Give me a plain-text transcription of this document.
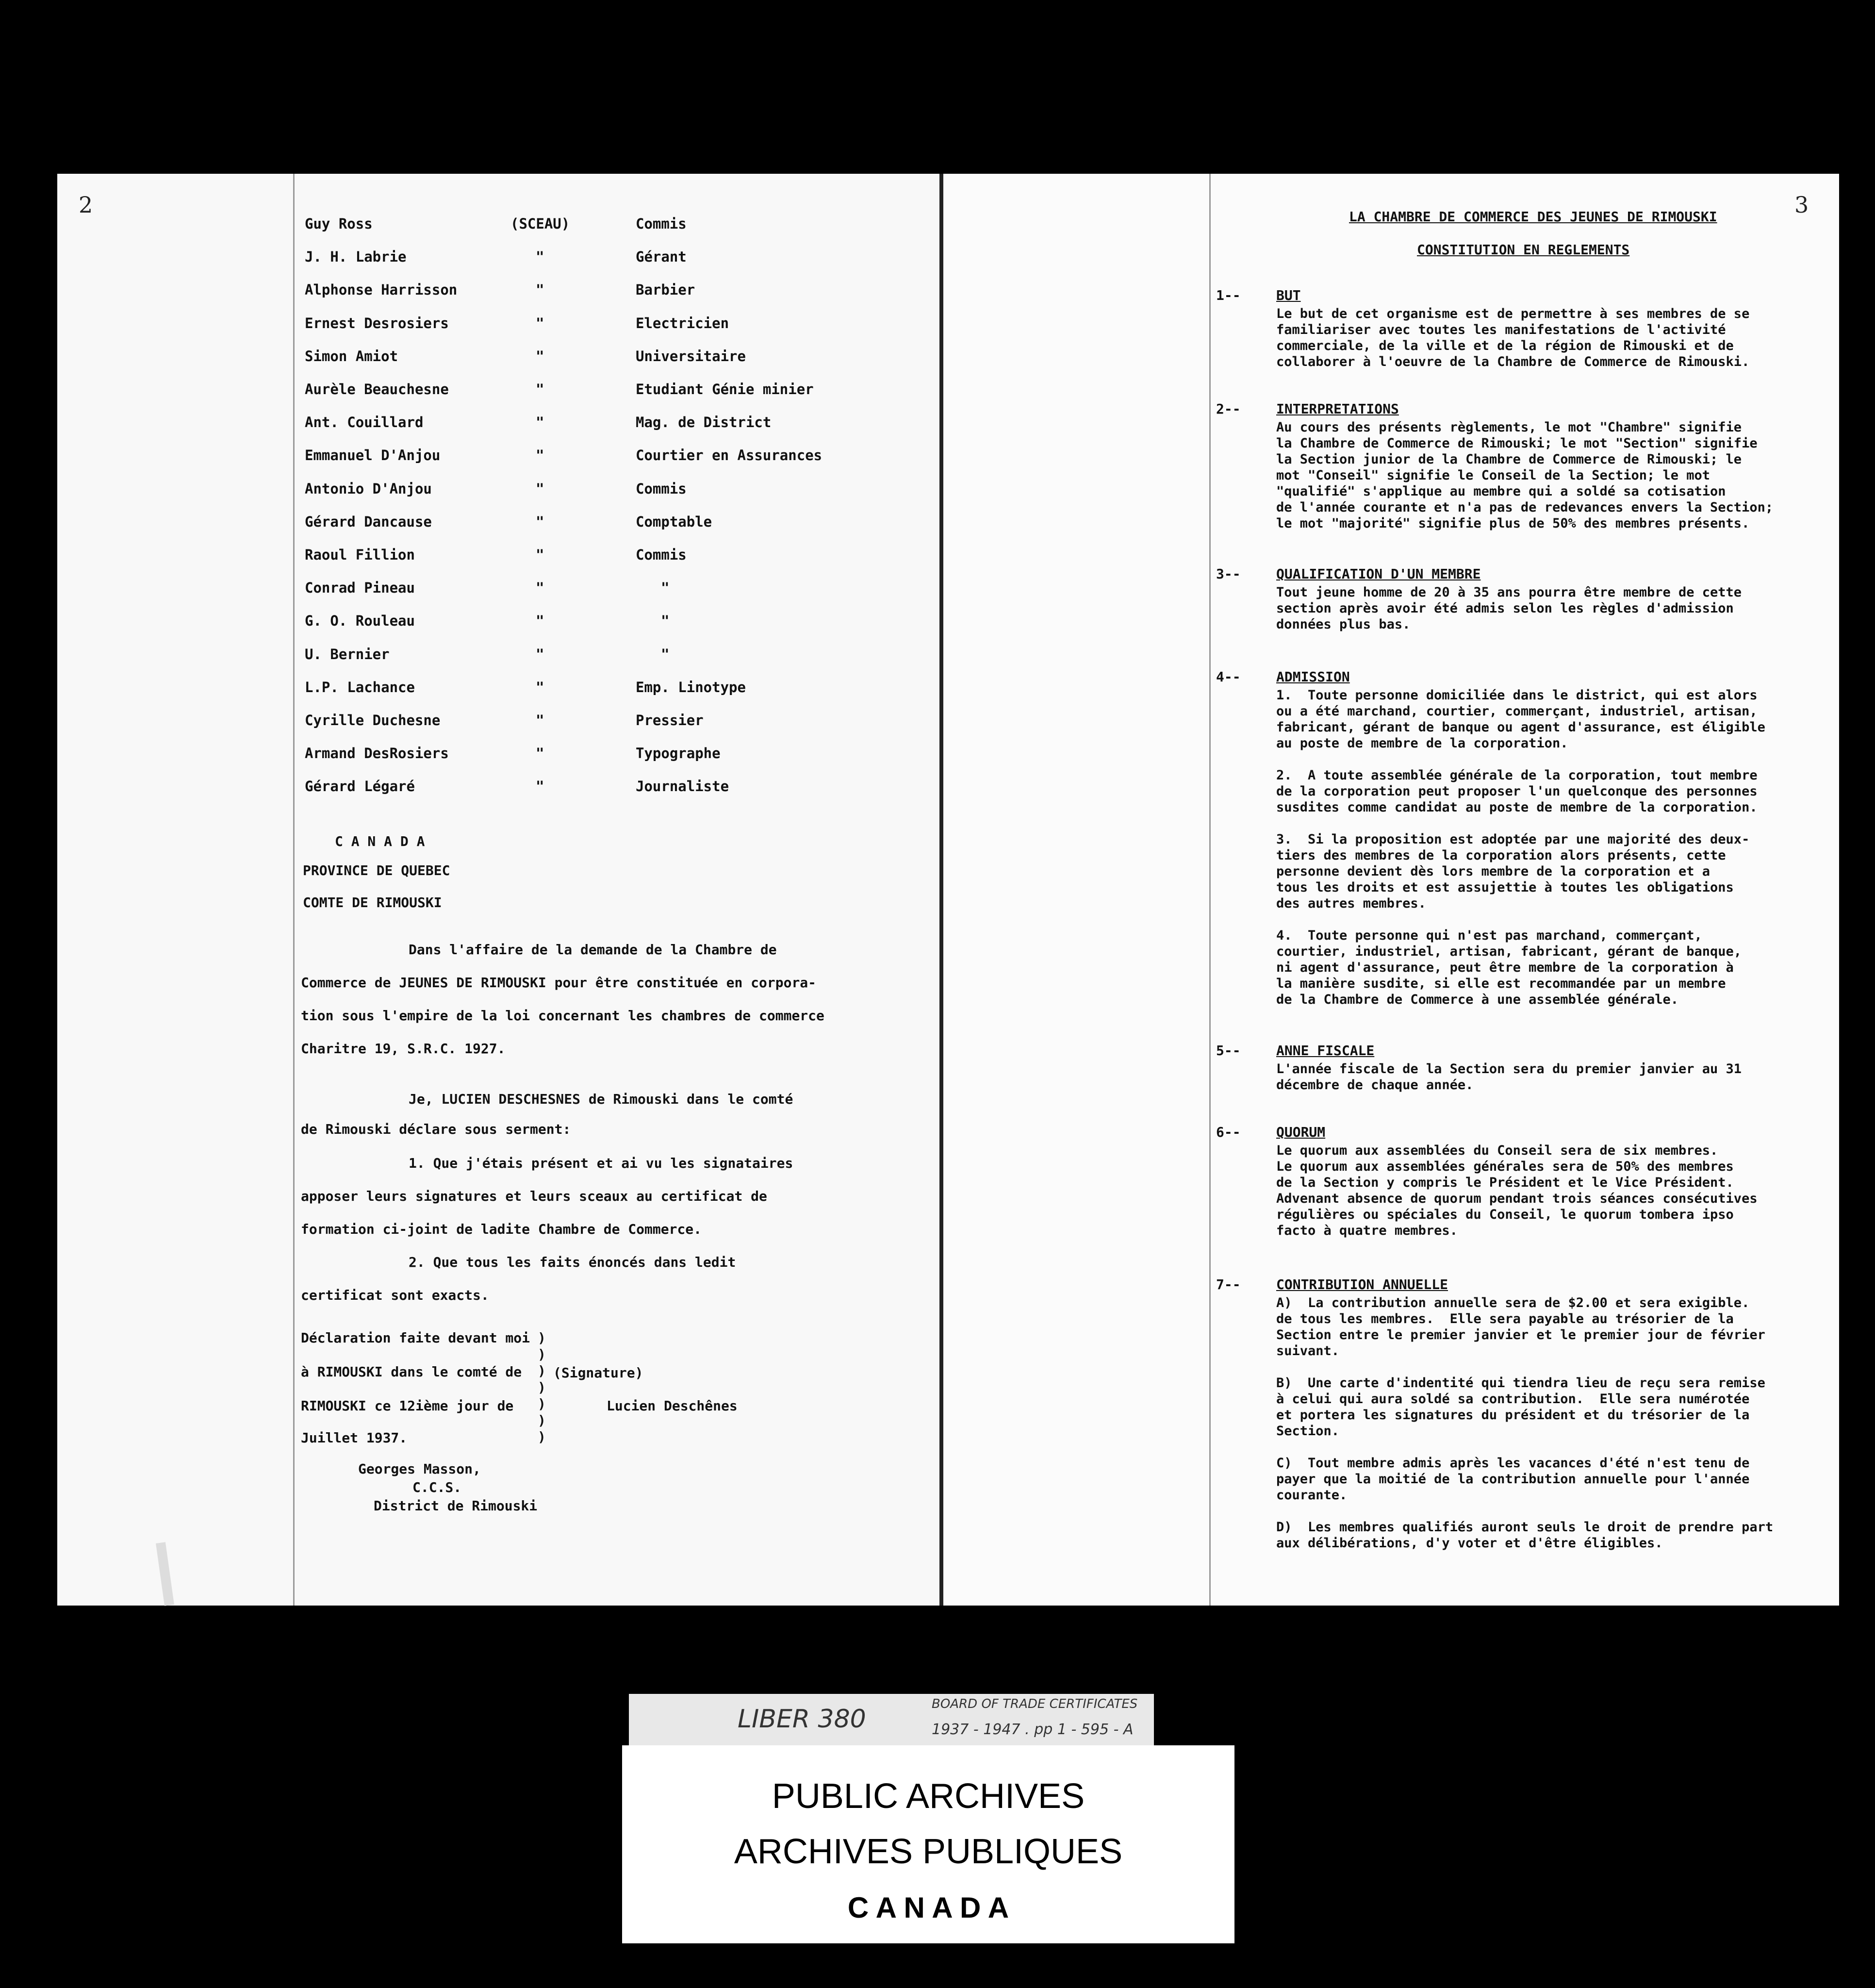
2	3
Guy Ross	(SCEAU)	Commis
J. H. Labrie	"	Gérant
Alphonse Harrisson	"	Barbier
Ernest Desrosiers	"	Electricien
Simon Amiot	"	Universitaire
Aurèle Beauchesne	"	Etudiant Génie minier
Ant. Couillard	"	Mag. de District
Emmanuel D'Anjou	"	Courtier en Assurances
Antonio D'Anjou	"	Commis
Gérard Dancause	"	Comptable
Raoul Fillion	"	Commis
Conrad Pineau	"	"
G. O. Rouleau	"	"
U. Bernier	"	"
L.P. Lachance	"	Emp. Linotype
Cyrille Duchesne	"	Pressier
Armand DesRosiers	"	Typographe
Gérard Légaré	"	Journaliste
C A N A D A
PROVINCE DE QUEBEC
COMTE DE RIMOUSKI
Dans l'affaire de la demande de la Chambre de
Commerce de JEUNES DE RIMOUSKI pour être constituée en corpora-
tion sous l'empire de la loi concernant les chambres de commerce
Charitre 19, S.R.C. 1927.
Je, LUCIEN DESCHESNES de Rimouski dans le comté
de Rimouski déclare sous serment:
1. Que j'étais présent et ai vu les signataires
apposer leurs signatures et leurs sceaux au certificat de
formation ci-joint de ladite Chambre de Commerce.
2. Que tous les faits énoncés dans ledit
certificat sont exacts.
Déclaration faite devant moi
à RIMOUSKI dans le comté de
RIMOUSKI ce 12ième jour de
Juillet 1937.
)
)
)
)
)
)
)
(Signature)
Lucien Deschênes
Georges Masson,
C.C.S.
District de Rimouski
LA CHAMBRE DE COMMERCE DES JEUNES DE RIMOUSKI
CONSTITUTION EN REGLEMENTS
1--	BUT
Le but de cet organisme est de permettre à ses membres de se
familiariser avec toutes les manifestations de l'activité
commerciale, de la ville et de la région de Rimouski et de
collaborer à l'oeuvre de la Chambre de Commerce de Rimouski.
2--	INTERPRETATIONS
Au cours des présents règlements, le mot "Chambre" signifie
la Chambre de Commerce de Rimouski; le mot "Section" signifie
la Section junior de la Chambre de Commerce de Rimouski; le
mot "Conseil" signifie le Conseil de la Section; le mot
"qualifié" s'applique au membre qui a soldé sa cotisation
de l'année courante et n'a pas de redevances envers la Section;
le mot "majorité" signifie plus de 50% des membres présents.
3--	QUALIFICATION D'UN MEMBRE
Tout jeune homme de 20 à 35 ans pourra être membre de cette
section après avoir été admis selon les règles d'admission
données plus bas.
4--	ADMISSION
1.  Toute personne domiciliée dans le district, qui est alors
ou a été marchand, courtier, commerçant, industriel, artisan,
fabricant, gérant de banque ou agent d'assurance, est éligible
au poste de membre de la corporation.

2.  A toute assemblée générale de la corporation, tout membre
de la corporation peut proposer l'un quelconque des personnes
susdites comme candidat au poste de membre de la corporation.

3.  Si la proposition est adoptée par une majorité des deux-
tiers des membres de la corporation alors présents, cette
personne devient dès lors membre de la corporation et a
tous les droits et est assujettie à toutes les obligations
des autres membres.

4.  Toute personne qui n'est pas marchand, commerçant,
courtier, industriel, artisan, fabricant, gérant de banque,
ni agent d'assurance, peut être membre de la corporation à
la manière susdite, si elle est recommandée par un membre
de la Chambre de Commerce à une assemblée générale.
5--	ANNE FISCALE
L'année fiscale de la Section sera du premier janvier au 31
décembre de chaque année.
6--	QUORUM
Le quorum aux assemblées du Conseil sera de six membres.
Le quorum aux assemblées générales sera de 50% des membres
de la Section y compris le Président et le Vice Président.
Advenant absence de quorum pendant trois séances consécutives
régulières ou spéciales du Conseil, le quorum tombera ipso
facto à quatre membres.
7--	CONTRIBUTION ANNUELLE
A)  La contribution annuelle sera de $2.00 et sera exigible.
de tous les membres.  Elle sera payable au trésorier de la
Section entre le premier janvier et le premier jour de février
suivant.

B)  Une carte d'indentité qui tiendra lieu de reçu sera remise
à celui qui aura soldé sa contribution.  Elle sera numérotée
et portera les signatures du président et du trésorier de la
Section.

C)  Tout membre admis après les vacances d'été n'est tenu de
payer que la moitié de la contribution annuelle pour l'année
courante.

D)  Les membres qualifiés auront seuls le droit de prendre part
aux délibérations, d'y voter et d'être éligibles.
LIBER 380
BOARD OF TRADE CERTIFICATES
1937 - 1947 . pp 1 - 595 - A
PUBLIC ARCHIVES
ARCHIVES PUBLIQUES
C A N A D A
